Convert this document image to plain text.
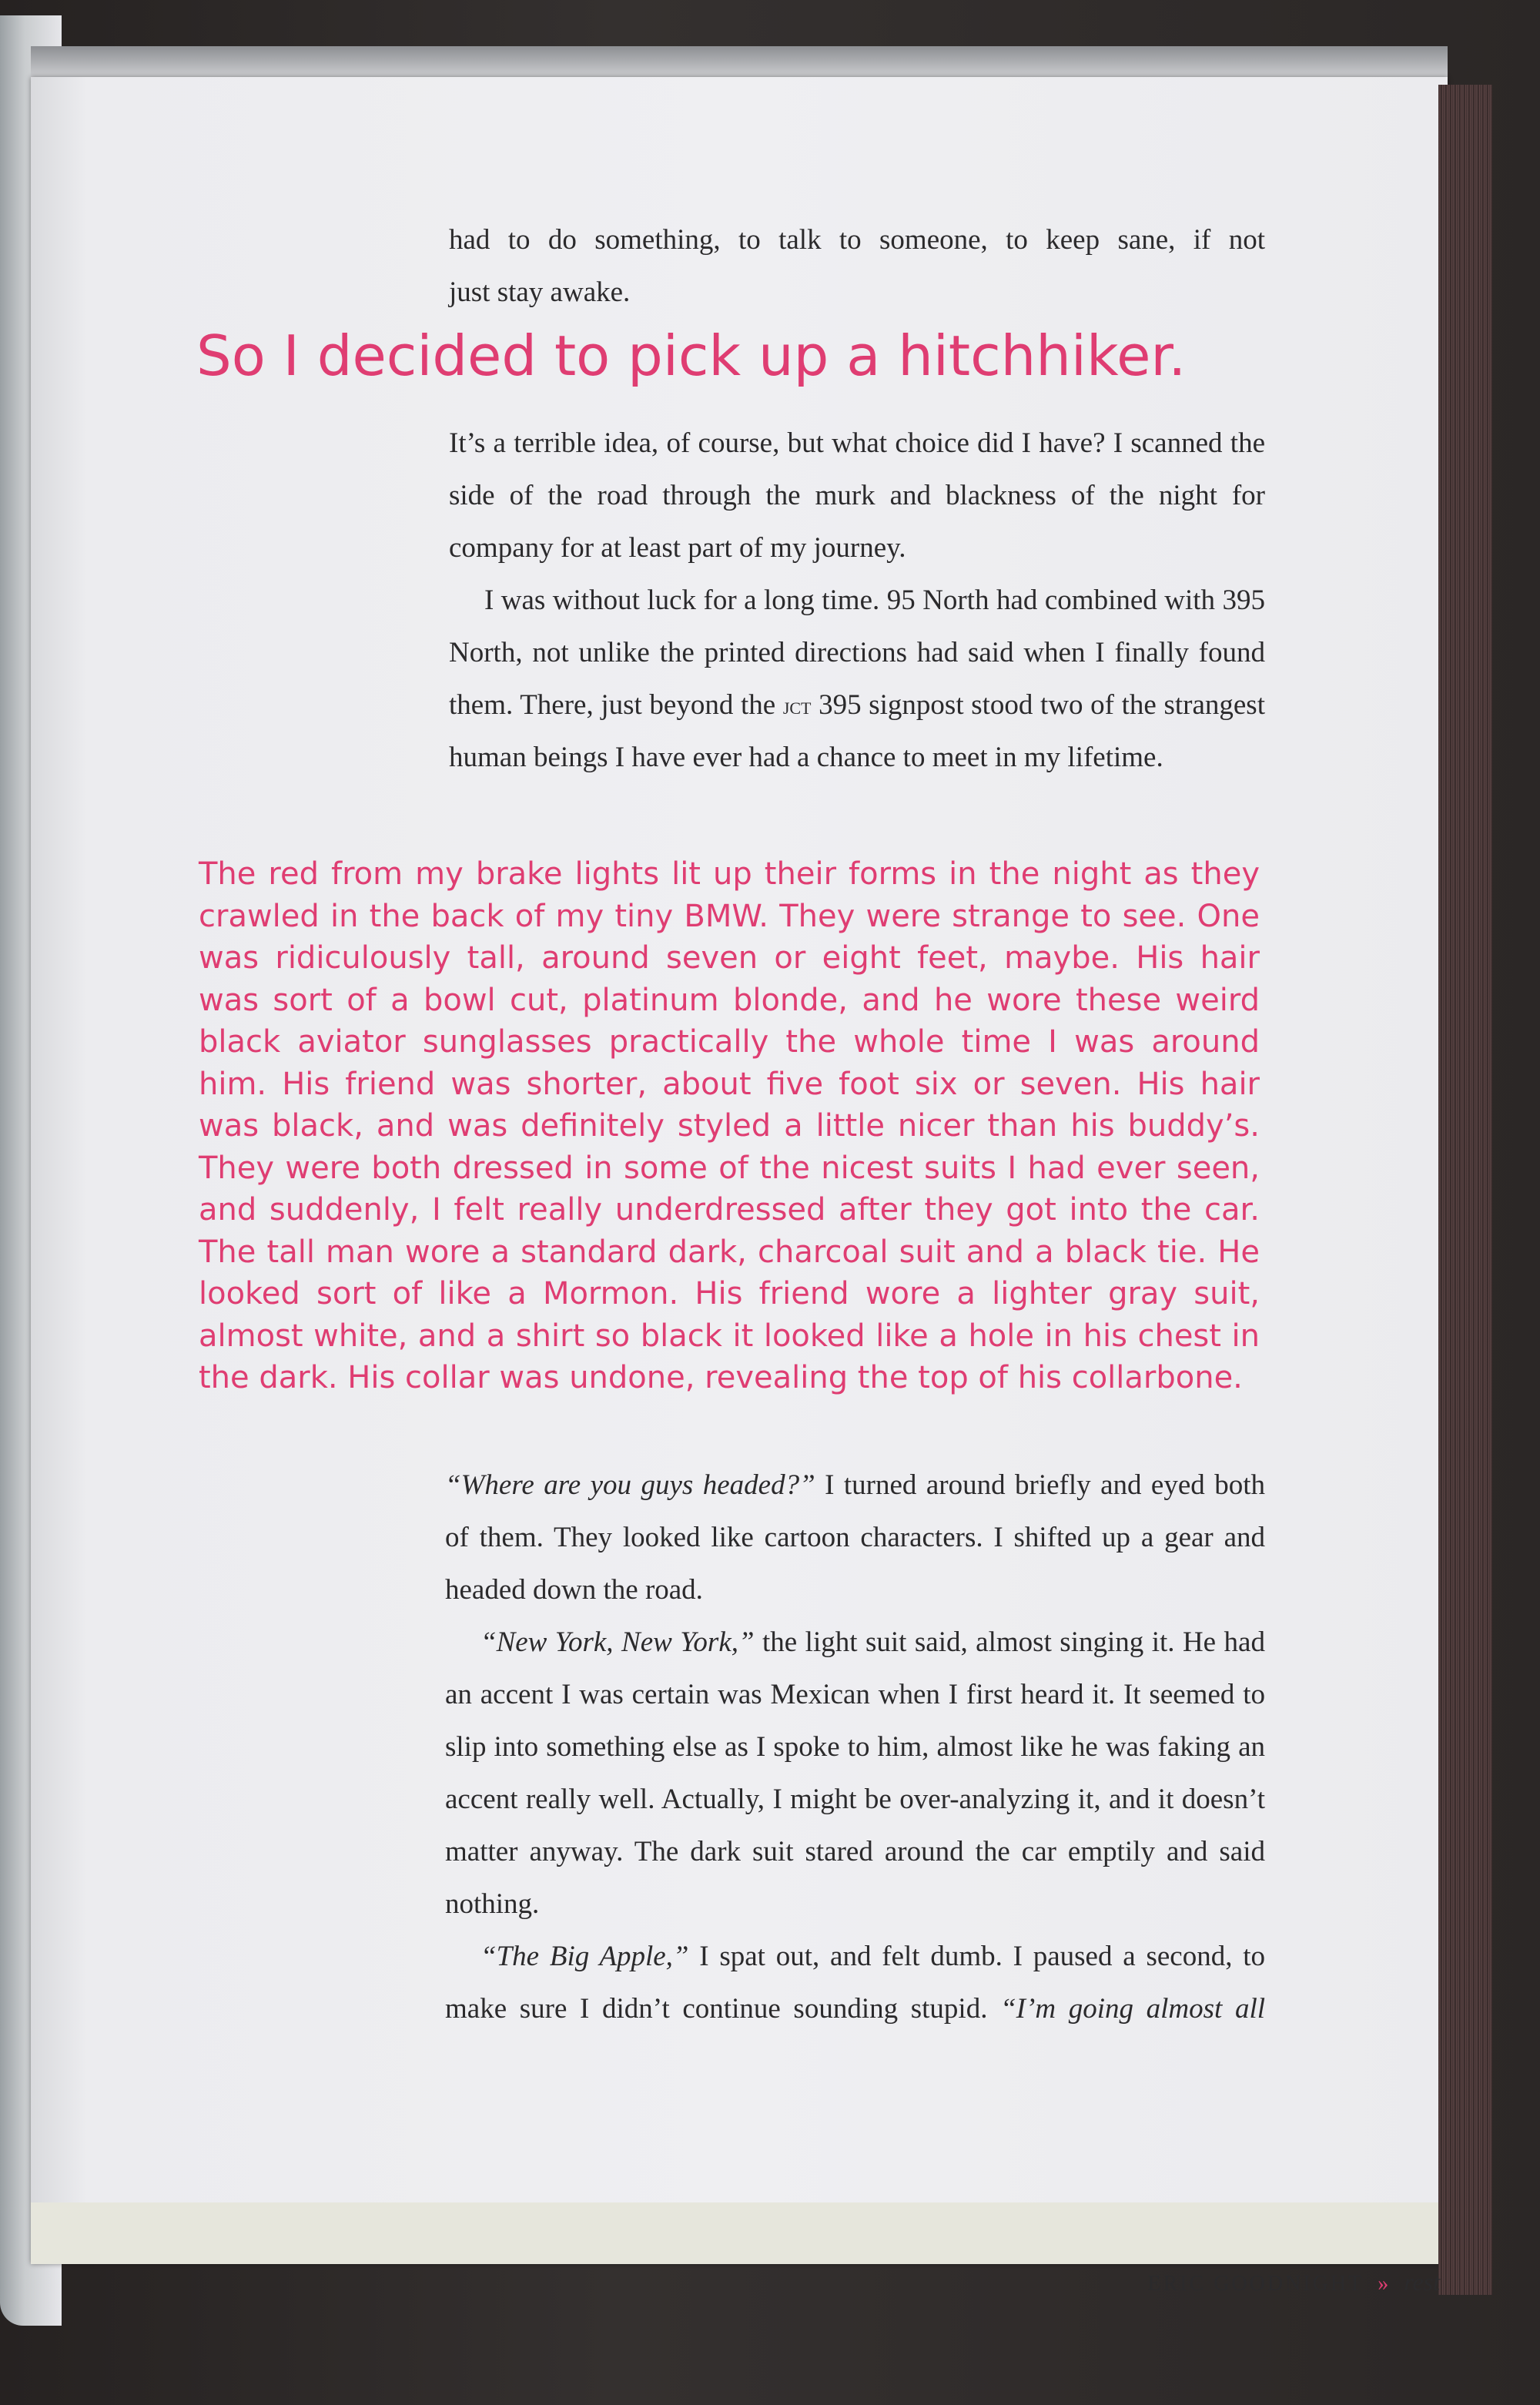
had to do something, to talk to someone, to keep sane, if not
just stay awake.
So I decided to pick up a hitchhiker.

It’s a terrible idea, of course, but what choice did I have? I scanned the side of the road through the murk and blackness of the night for company for at least part of my journey.

I was without luck for a long time. 95 North had combined with 395 North, not unlike the printed directions had said when I finally found them. There, just beyond the jct 395 signpost stood two of the strangest human beings I have ever had a chance to meet in my lifetime.

The red from my brake lights lit up their forms in the night as they crawled in the back of my tiny BMW. They were strange to see. One was ridiculously tall, around seven or eight feet, maybe. His hair was sort of a bowl cut, platinum blonde, and he wore these weird black aviator sunglasses practically the whole time I was around him. His friend was shorter, about five foot six or seven. His hair was black, and was definitely styled a little nicer than his buddy’s. They were both dressed in some of the nicest suits I had ever seen, and suddenly, I felt really underdressed after they got into the car. The tall man wore a standard dark, charcoal suit and a black tie. He looked sort of like a Mormon. His friend wore a lighter gray suit, almost white, and a shirt so black it looked like a hole in his chest in the dark. His collar was undone, revealing the top of his collarbone.

“Where are you guys headed?” I turned around briefly and eyed both of them. They looked like cartoon characters. I shifted up a gear and headed down the road.

“New York, New York,” the light suit said, almost singing it. He had an accent I was certain was Mexican when I first heard it. It seemed to slip into something else as I spoke to him, almost like he was faking an accent really well. Actually, I might be over-analyzing it, and it doesn’t matter anyway. The dark suit stared around the car emptily and said nothing.

“The Big Apple,” I spat out, and felt dumb. I paused a second, to make sure I didn’t continue sounding stupid. “I’m going almost all

ERIC GOODNIGHT » rest
